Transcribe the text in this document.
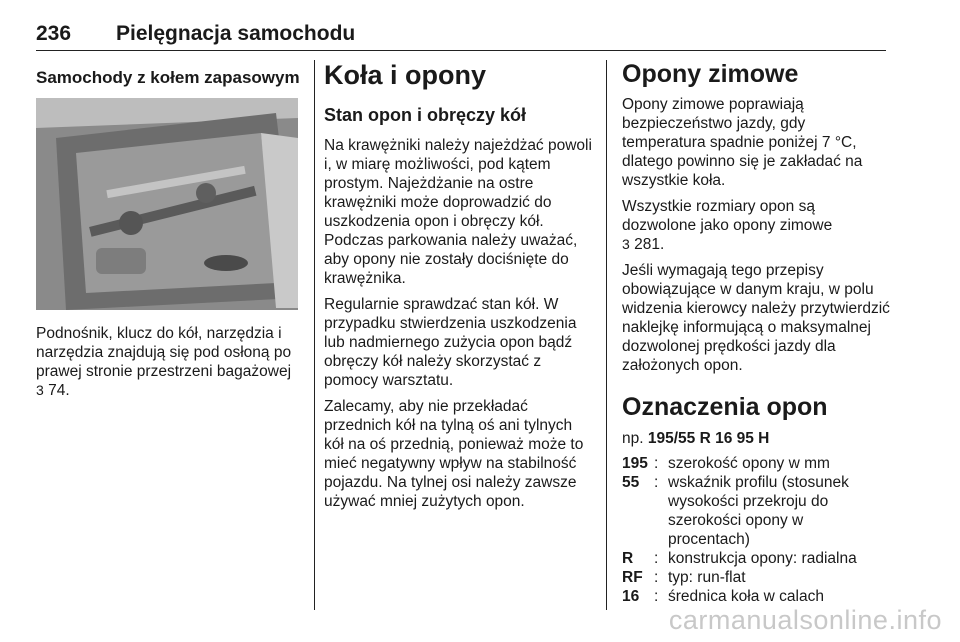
236 Pielęgnacja samochodu
Samochody z kołem zapasowym

Podnośnik, klucz do kół, narzędzia i narzędzia znajdują się pod osłoną po prawej stronie przestrzeni bagażowej
3 74.

Koła i opony
Stan opon i obręczy kół

Na krawężniki należy najeżdżać powoli i, w miarę możliwości, pod kątem prostym. Najeżdżanie na ostre krawężniki może doprowadzić do uszkodzenia opon i obręczy kół. Podczas parkowania należy uważać, aby opony nie zostały dociśnięte do krawężnika.

Regularnie sprawdzać stan kół. W przypadku stwierdzenia uszkodzenia lub nadmiernego zużycia opon bądź obręczy kół należy skorzystać z pomocy warsztatu.

Zalecamy, aby nie przekładać przednich kół na tylną oś ani tylnych kół na oś przednią, ponieważ może to mieć negatywny wpływ na stabilność pojazdu. Na tylnej osi należy zawsze używać mniej zużytych opon.

Opony zimowe

Opony zimowe poprawiają bezpieczeństwo jazdy, gdy temperatura spadnie poniżej 7 °C, dlatego powinno się je zakładać na wszystkie koła.

Wszystkie rozmiary opon są dozwolone jako opony zimowe
3 281.

Jeśli wymagają tego przepisy obowiązujące w danym kraju, w polu widzenia kierowcy należy przytwierdzić naklejkę informującą o maksymalnej dozwolonej prędkości jazdy dla założonych opon.

Oznaczenia opon
np. 195/55 R 16 95 H
195	:	szerokość opony w mm
55	:	wskaźnik profilu (stosunek wysokości przekroju do szerokości opony w procentach)
R	:	konstrukcja opony: radialna
RF	:	typ: run-flat
16	:	średnica koła w calach
carmanualsonline.info
